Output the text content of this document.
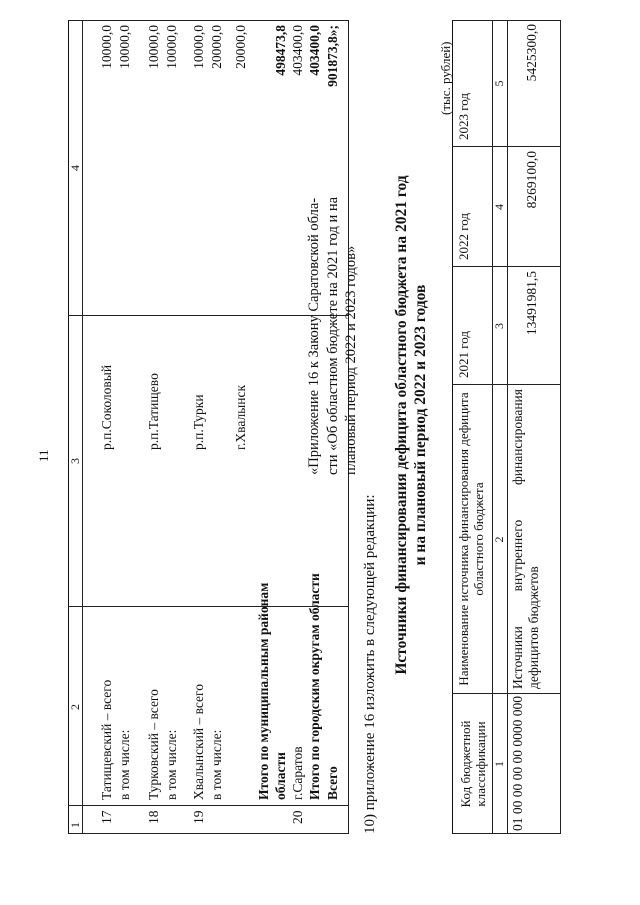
11
1
2
3
4
17
Татищевский – всего в том числе:
р.п.Соколовый
10000,0 10000,0
18
Турковский – всего в том числе:
р.п.Татищево
10000,0 10000,0
19
Хвалынский – всего в том числе:
р.п.Турки
10000,0 20000,0
г.Хвалынск
20000,0
Итого по муниципальным районам области
498473,8
20
г.Саратов
403400,0
Итого по городским округам области
403400,0
Всего
901873,8»;
10) приложение 16 изложить в следующей редакции:
«Приложение 16 к Закону Саратовской обла- сти «Об областном бюджете на 2021 год и на плановый период 2022 и 2023 годов» Источники финансирования дефицита областного бюджета на 2021 год и на плановый период 2022 и 2023 годов
(тыс. рублей)
Код бюджетной классификации
Наименование источника финансирования дефицита областного бюджета
2021 год
2022 год
2023 год
1
2
3
4
5
01 00 00 00 00 0000 000
Источники внутреннего финансирования дефицитов бюджетов
13491981,5
8269100,0
5425300,0
